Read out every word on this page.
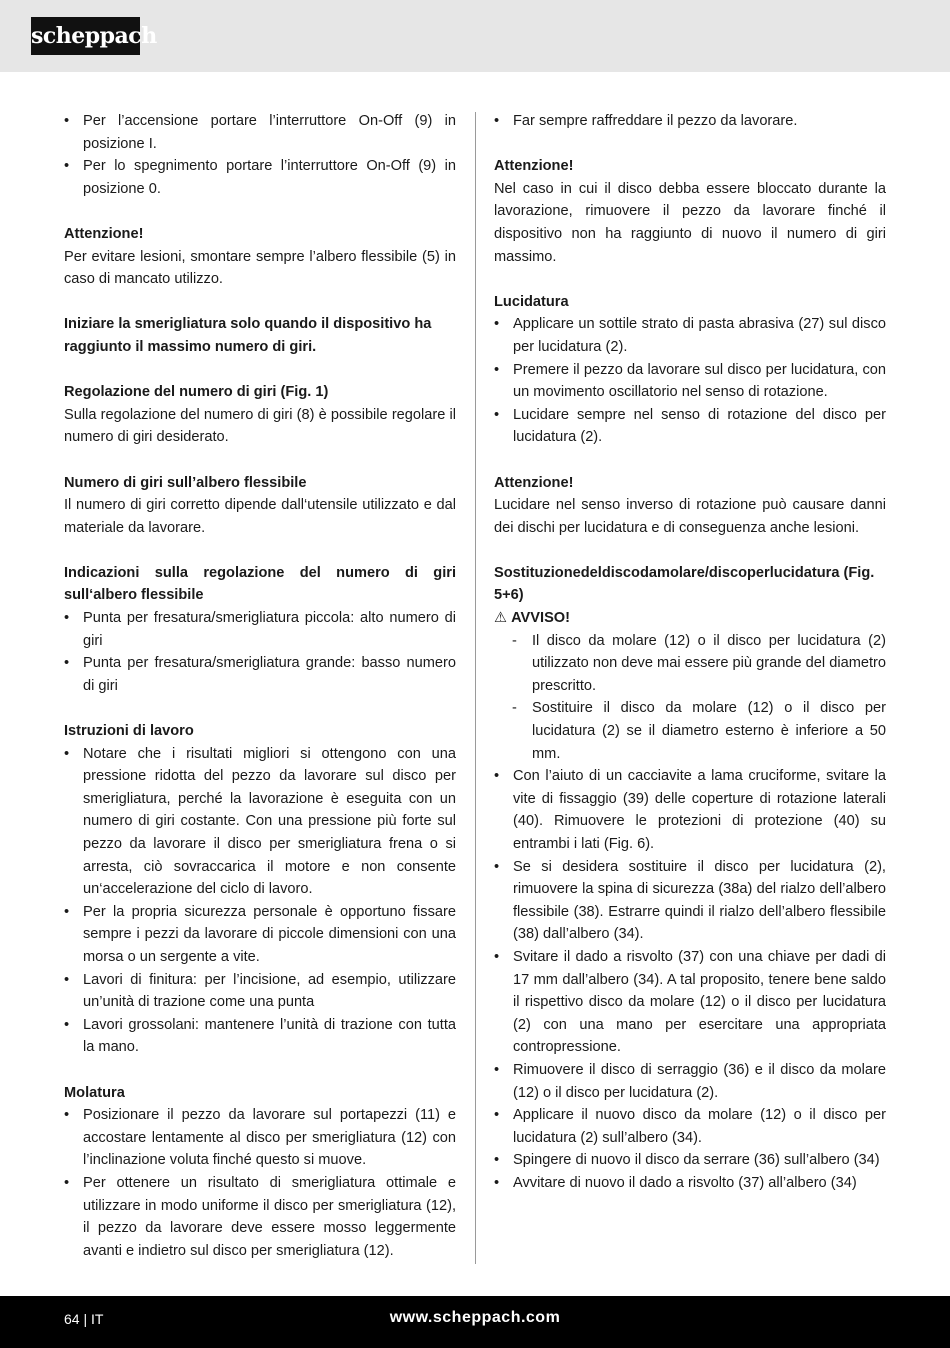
scheppach
• Per l’accensione portare l’interruttore On-Off (9) in posizione I.
• Per lo spegnimento portare l’interruttore On-Off (9) in posizione 0.

Attenzione!

Per evitare lesioni, smontare sempre l’albero flessibile (5) in caso di mancato utilizzo.

Iniziare la smerigliatura solo quando il dispositivo ha raggiunto il massimo numero di giri.

Regolazione del numero di giri (Fig. 1)

Sulla regolazione del numero di giri (8) è possibile regolare il numero di giri desiderato.

Numero di giri sull’albero flessibile

Il numero di giri corretto dipende dall‘utensile utilizzato e dal materiale da lavorare.

Indicazioni sulla regolazione del numero di giri sull‘albero flessibile

• Punta per fresatura/smerigliatura piccola: alto numero di giri
• Punta per fresatura/smerigliatura grande: basso numero di giri

Istruzioni di lavoro

• Notare che i risultati migliori si ottengono con una pressione ridotta del pezzo da lavorare sul disco per smerigliatura, perché la lavorazione è eseguita con un numero di giri costante. Con una pressione più forte sul pezzo da lavorare il disco per smerigliatura frena o si arresta, ciò sovraccarica il motore e non consente un‘accelerazione del ciclo di lavoro.
• Per la propria sicurezza personale è opportuno fissare sempre i pezzi da lavorare di piccole dimensioni con una morsa o un sergente a vite.
• Lavori di finitura: per l’incisione, ad esempio, utilizzare un’unità di trazione come una punta
• Lavori grossolani: mantenere l’unità di trazione con tutta la mano.

Molatura

• Posizionare il pezzo da lavorare sul portapezzi (11) e accostare lentamente al disco per smerigliatura (12) con l’inclinazione voluta finché questo si muove.
• Per ottenere un risultato di smerigliatura ottimale e utilizzare in modo uniforme il disco per smerigliatura (12), il pezzo da lavorare deve essere mosso leggermente avanti e indietro sul disco per smerigliatura (12).
• Far sempre raffreddare il pezzo da lavorare.

Attenzione!

Nel caso in cui il disco debba essere bloccato durante la lavorazione, rimuovere il pezzo da lavorare finché il dispositivo non ha raggiunto di nuovo il numero di giri massimo.

Lucidatura

• Applicare un sottile strato di pasta abrasiva (27) sul disco per lucidatura (2).
• Premere il pezzo da lavorare sul disco per lucidatura, con un movimento oscillatorio nel senso di rotazione.
• Lucidare sempre nel senso di rotazione del disco per lucidatura (2).

Attenzione!

Lucidare nel senso inverso di rotazione può causare danni dei dischi per lucidatura e di conseguenza anche lesioni.

Sostituzionedeldiscodamolare/discoperlucidatura (Fig. 5+6)

⚠ AVVISO!

- Il disco da molare (12) o il disco per lucidatura (2) utilizzato non deve mai essere più grande del diametro prescritto.
- Sostituire il disco da molare (12) o il disco per lucidatura (2) se il diametro esterno è inferiore a 50 mm.
• Con l’aiuto di un cacciavite a lama cruciforme, svitare la vite di fissaggio (39) delle coperture di rotazione laterali (40). Rimuovere le protezioni di protezione (40) su entrambi i lati (Fig. 6).
• Se si desidera sostituire il disco per lucidatura (2), rimuovere la spina di sicurezza (38a) del rialzo dell’albero flessibile (38). Estrarre quindi il rialzo dell’albero flessibile (38) dall’albero (34).
• Svitare il dado a risvolto (37) con una chiave per dadi di 17 mm dall’albero (34). A tal proposito, tenere bene saldo il rispettivo disco da molare (12) o il disco per lucidatura (2) con una mano per esercitare una appropriata contropressione.
• Rimuovere il disco di serraggio (36) e il disco da molare (12) o il disco per lucidatura (2).
• Applicare il nuovo disco da molare (12) o il disco per lucidatura (2) sull’albero (34).
• Spingere di nuovo il disco da serrare (36) sull’albero (34)
• Avvitare di nuovo il dado a risvolto (37) all’albero (34)
64 | IT	www.scheppach.com
